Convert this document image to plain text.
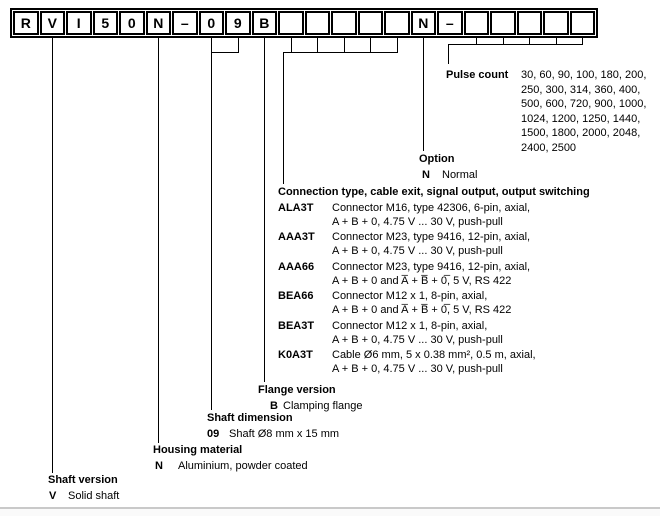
R	V	I	5	0	N	–	0	9	B	N	–
Pulse count	30, 60, 90, 100, 180, 200,
250, 300, 314, 360, 400,
500, 600, 720, 900, 1000,
1024, 1200, 1250, 1440,
1500, 1800, 2000, 2048,
2400, 2500
Option
N Normal
Connection type, cable exit, signal output, output switching
ALA3T	Connector M16, type 42306, 6-pin, axial,
A + B + 0, 4.75 V ... 30 V, push-pull
AAA3T	Connector M23, type 9416, 12-pin, axial,
A + B + 0, 4.75 V ... 30 V, push-pull
AAA66	Connector M23, type 9416, 12-pin, axial,
A + B + 0 and A̅ + B̅ + 0̅, 5 V, RS 422
BEA66	Connector M12 x 1, 8-pin, axial,
A + B + 0 and A̅ + B̅ + 0̅, 5 V, RS 422
BEA3T	Connector M12 x 1, 8-pin, axial,
A + B + 0, 4.75 V ... 30 V, push-pull
K0A3T	Cable Ø6 mm, 5 x 0.38 mm², 0.5 m, axial,
A + B + 0, 4.75 V ... 30 V, push-pull
Flange version
B Clamping flange
Shaft dimension
09 Shaft Ø8 mm x 15 mm
Housing material
N Aluminium, powder coated
Shaft version
V Solid shaft
